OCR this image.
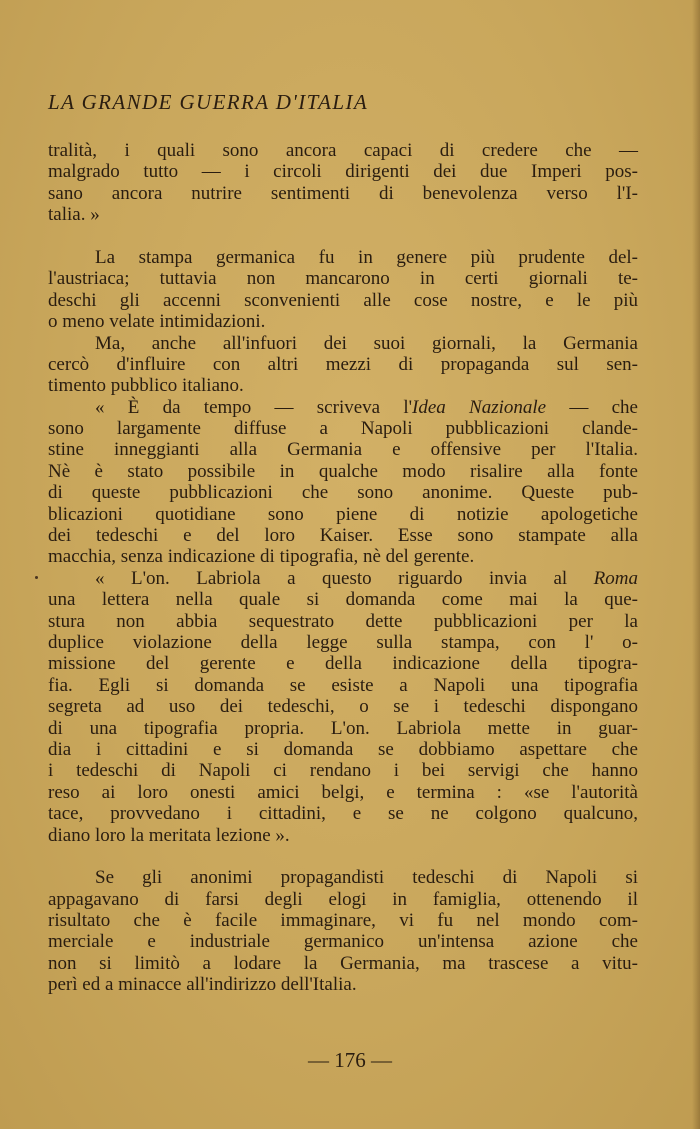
LA GRANDE GUERRA D'ITALIA

tralità, i quali sono ancora capaci di credere che —

malgrado tutto — i circoli dirigenti dei due Imperi pos-

sano ancora nutrire sentimenti di benevolenza verso l'I-

talia. »

La stampa germanica fu in genere più prudente del-

l'austriaca; tuttavia non mancarono in certi giornali te-

deschi gli accenni sconvenienti alle cose nostre, e le più

o meno velate intimidazioni.

Ma, anche all'infuori dei suoi giornali, la Germania

cercò d'influire con altri mezzi di propaganda sul sen-

timento pubblico italiano.

« È da tempo — scriveva l'Idea Nazionale — che

sono largamente diffuse a Napoli pubblicazioni clande-

stine inneggianti alla Germania e offensive per l'Italia.

Nè è stato possibile in qualche modo risalire alla fonte

di queste pubblicazioni che sono anonime. Queste pub-

blicazioni quotidiane sono piene di notizie apologetiche

dei tedeschi e del loro Kaiser. Esse sono stampate alla

macchia, senza indicazione di tipografia, nè del gerente.

« L'on. Labriola a questo riguardo invia al Roma

una lettera nella quale si domanda come mai la que-

stura non abbia sequestrato dette pubblicazioni per la

duplice violazione della legge sulla stampa, con l' o-

missione del gerente e della indicazione della tipogra-

fia. Egli si domanda se esiste a Napoli una tipografia

segreta ad uso dei tedeschi, o se i tedeschi dispongano

di una tipografia propria. L'on. Labriola mette in guar-

dia i cittadini e si domanda se dobbiamo aspettare che

i tedeschi di Napoli ci rendano i bei servigi che hanno

reso ai loro onesti amici belgi, e termina : «se l'autorità

tace, provvedano i cittadini, e se ne colgono qualcuno,

diano loro la meritata lezione ».

Se gli anonimi propagandisti tedeschi di Napoli si

appagavano di farsi degli elogi in famiglia, ottenendo il

risultato che è facile immaginare, vi fu nel mondo com-

merciale e industriale germanico un'intensa azione che

non si limitò a lodare la Germania, ma trascese a vitu-

perì ed a minacce all'indirizzo dell'Italia.

— 176 —
